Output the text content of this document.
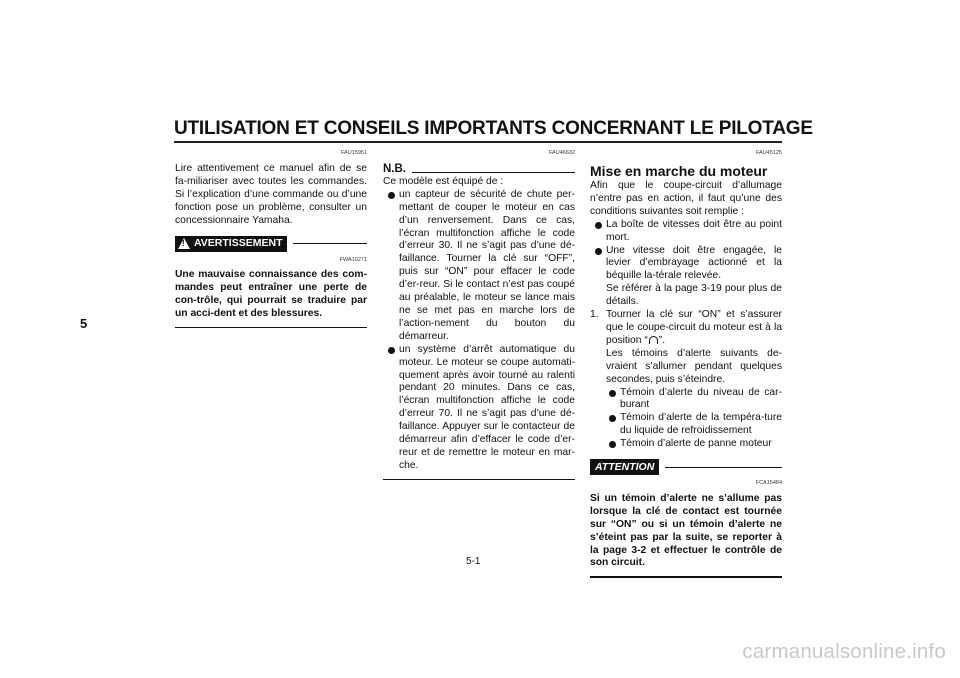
UTILISATION ET CONSEILS IMPORTANTS CONCERNANT LE PILOTAGE
5
FAU15951

Lire attentivement ce manuel afin de se fa-miliariser avec toutes les commandes. Si l’explication d’une commande ou d’une fonction pose un problème, consulter un concessionnaire Yamaha.

! AVERTISSEMENT
FWA10271

Une mauvaise connaissance des com-mandes peut entraîner une perte de con-trôle, qui pourrait se traduire par un acci-dent et des blessures.

FAU46632
N.B.
Ce modèle est équipé de :
un capteur de sécurité de chute per-mettant de couper le moteur en cas d’un renversement. Dans ce cas, l’écran multifonction affiche le code d’erreur 30. Il ne s’agit pas d’une dé-faillance. Tourner la clé sur “OFF”, puis sur “ON” pour effacer le code d’er-reur. Si le contact n’est pas coupé au préalable, le moteur se lance mais ne se met pas en marche lors de l’action-nement du bouton du démarreur.
un système d’arrêt automatique du moteur. Le moteur se coupe automati-quement après avoir tourné au ralenti pendant 20 minutes. Dans ce cas, l’écran multifonction affiche le code d’erreur 70. Il ne s’agit pas d’une dé-faillance. Appuyer sur le contacteur de démarreur afin d’effacer le code d’er-reur et de remettre le moteur en mar-che.
FAU45125
Mise en marche du moteur

Afin que le coupe-circuit d’allumage n’entre pas en action, il faut qu’une des conditions suivantes soit remplie :

La boîte de vitesses doit être au point mort.
Une vitesse doit être engagée, le levier d’embrayage actionné et la béquille la-térale relevée.
Se référer à la page 3-19 pour plus de détails.
1. Tourner la clé sur “ON” et s’assurer que le coupe-circuit du moteur est à la position “ ”.
Les témoins d’alerte suivants de-vraient s’allumer pendant quelques secondes, puis s’éteindre.
Témoin d’alerte du niveau de car-burant
Témoin d’alerte de la tempéra-ture du liquide de refroidissement
Témoin d’alerte de panne moteur
ATTENTION
FCA15484

Si un témoin d’alerte ne s’allume pas lorsque la clé de contact est tournée sur “ON” ou si un témoin d’alerte ne s’éteint pas par la suite, se reporter à la page 3-2 et effectuer le contrôle de son circuit.

5-1
carmanualsonline.info
